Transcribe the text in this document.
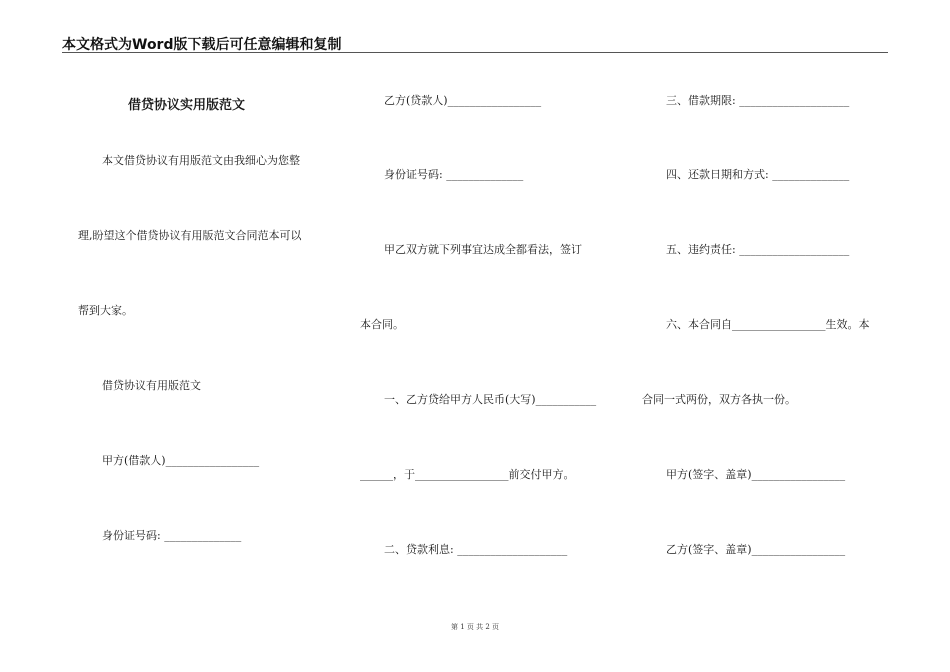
本文格式为Word版下载后可任意编辑和复制
借贷协议实用版范文
本文借贷协议有用版范文由我细心为您整
理,盼望这个借贷协议有用版范文合同范本可以
帮到大家。
借贷协议有用版范文
甲方(借款人)_________________
身份证号码: ______________
乙方(贷款人)_________________
身份证号码: ______________
甲乙双方就下列事宜达成全都看法，签订
本合同。
一、乙方贷给甲方人民币(大写)___________
______，于_________________前交付甲方。
二、贷款利息: ____________________
三、借款期限: ____________________
四、还款日期和方式: ______________
五、违约责任: ____________________
六、本合同自_________________生效。本
合同一式两份，双方各执一份。
甲方(签字、盖章)_________________
乙方(签字、盖章)_________________
第 1 页 共 2 页
